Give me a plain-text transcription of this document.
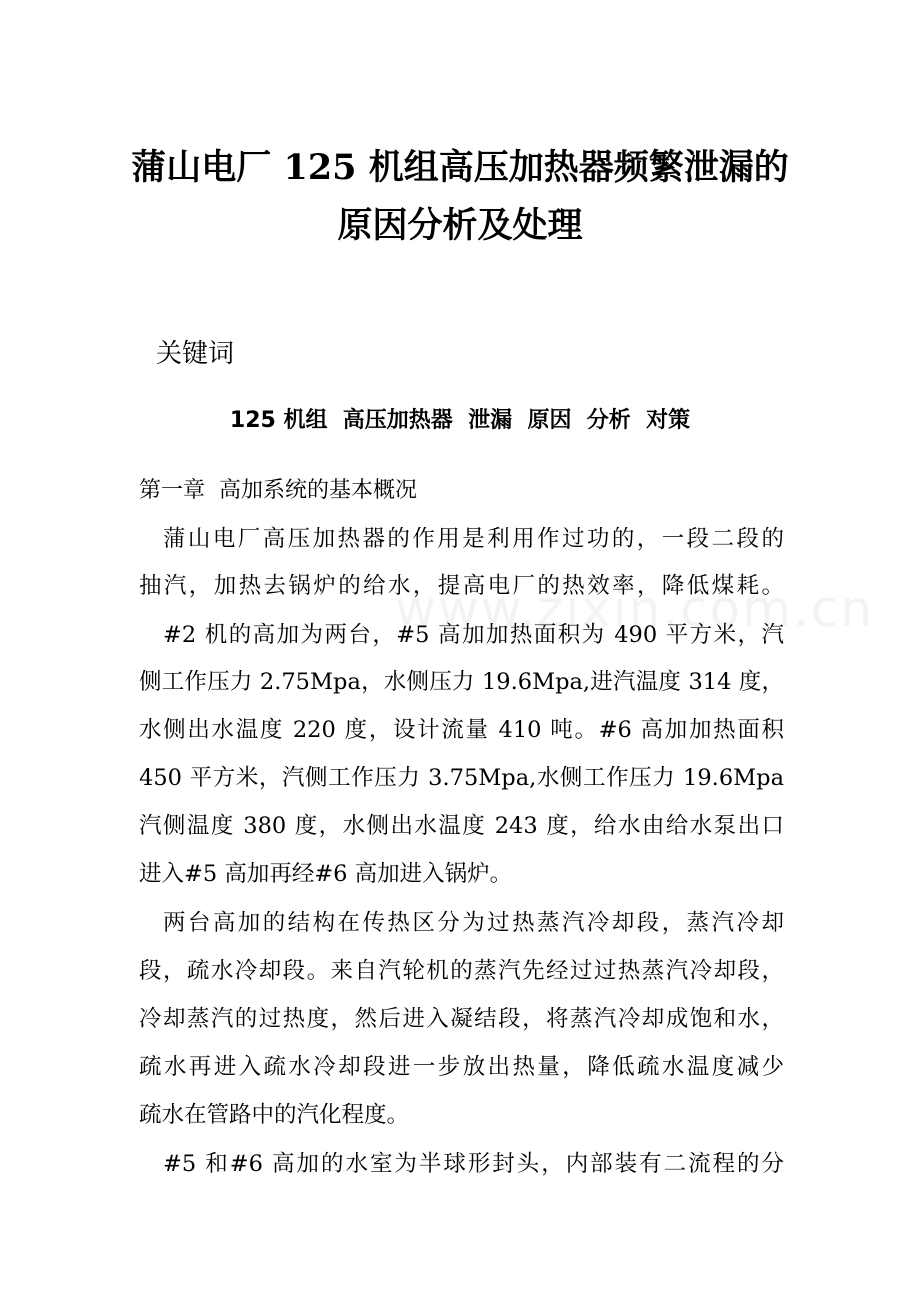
蒲山电厂 125 机组高压加热器频繁泄漏的
原因分析及处理
关键词
125 机组  高压加热器  泄漏  原因  分析  对策
第一章  高加系统的基本概况
蒲山电厂高压加热器的作用是利用作过功的，一段二段的
抽汽，加热去锅炉的给水，提高电厂的热效率，降低煤耗。
#2 机的高加为两台，#5 高加加热面积为 490 平方米，汽
侧工作压力 2.75Mpa，水侧压力 19.6Mpa,进汽温度 314 度，
水侧出水温度 220 度，设计流量 410 吨。#6 高加加热面积
450 平方米，汽侧工作压力 3.75Mpa,水侧工作压力 19.6Mpa
汽侧温度 380 度，水侧出水温度 243 度，给水由给水泵出口
进入#5 高加再经#6 高加进入锅炉。
两台高加的结构在传热区分为过热蒸汽冷却段，蒸汽冷却
段，疏水冷却段。来自汽轮机的蒸汽先经过过热蒸汽冷却段，
冷却蒸汽的过热度，然后进入凝结段，将蒸汽冷却成饱和水，
疏水再进入疏水冷却段进一步放出热量，降低疏水温度减少
疏水在管路中的汽化程度。
#5 和#6 高加的水室为半球形封头，内部装有二流程的分
